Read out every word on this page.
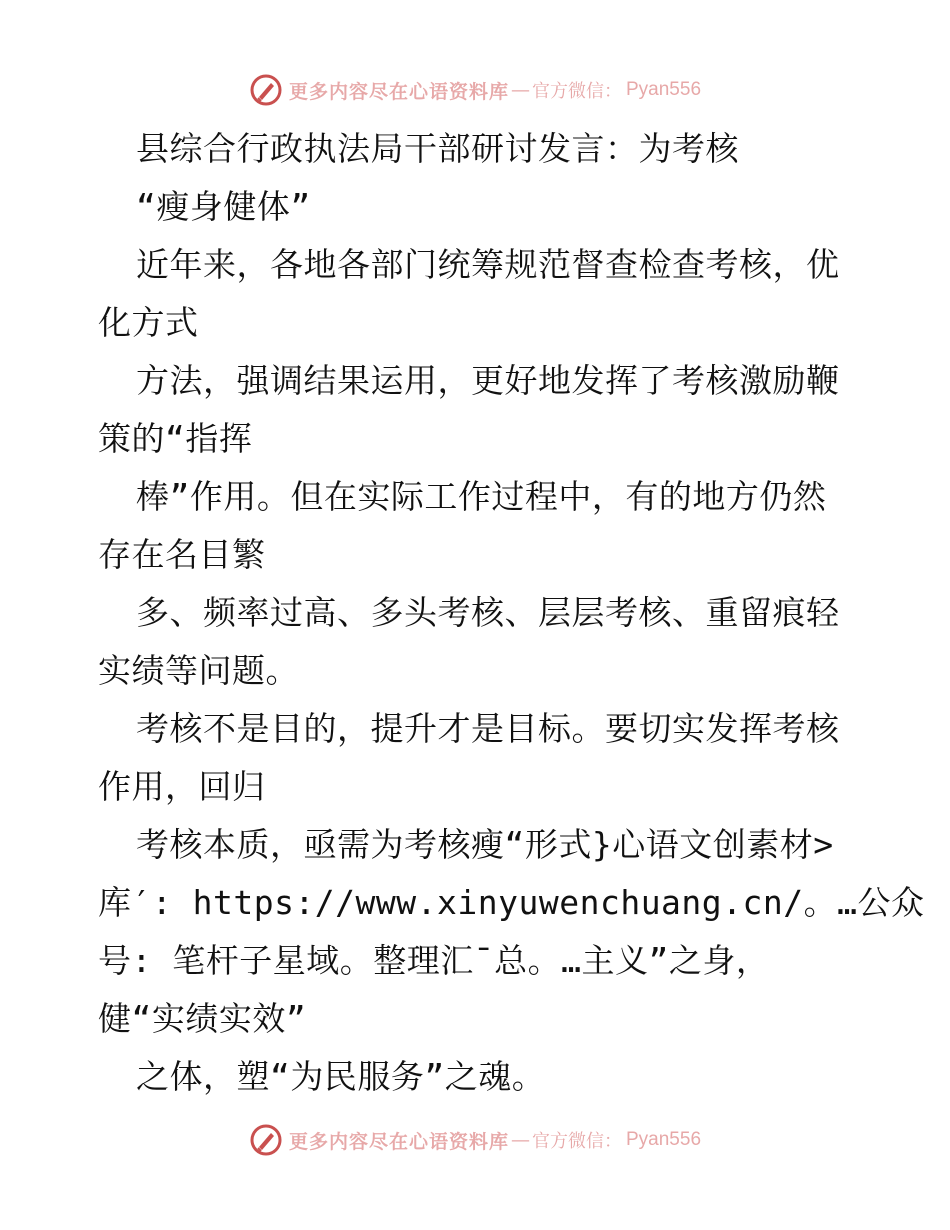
更多内容尽在心语资料库 — 官方微信： Pyan556
县综合行政执法局干部研讨发言：为考核
“瘦身健体”
近年来，各地各部门统筹规范督查检查考核，优
化方式
方法，强调结果运用，更好地发挥了考核激励鞭
策的“指挥
棒”作用。但在实际工作过程中，有的地方仍然
存在名目繁
多、频率过高、多头考核、层层考核、重留痕轻
实绩等问题。
考核不是目的，提升才是目标。要切实发挥考核
作用，回归
考核本质，亟需为考核瘦“形式}心语文创素材>
库′: https://www.xinyuwenchuang.cn/。…公众
号: 笔杆子星域。整理汇¯总。…主义”之身，
健“实绩实效”
之体，塑“为民服务”之魂。
更多内容尽在心语资料库 — 官方微信： Pyan556
